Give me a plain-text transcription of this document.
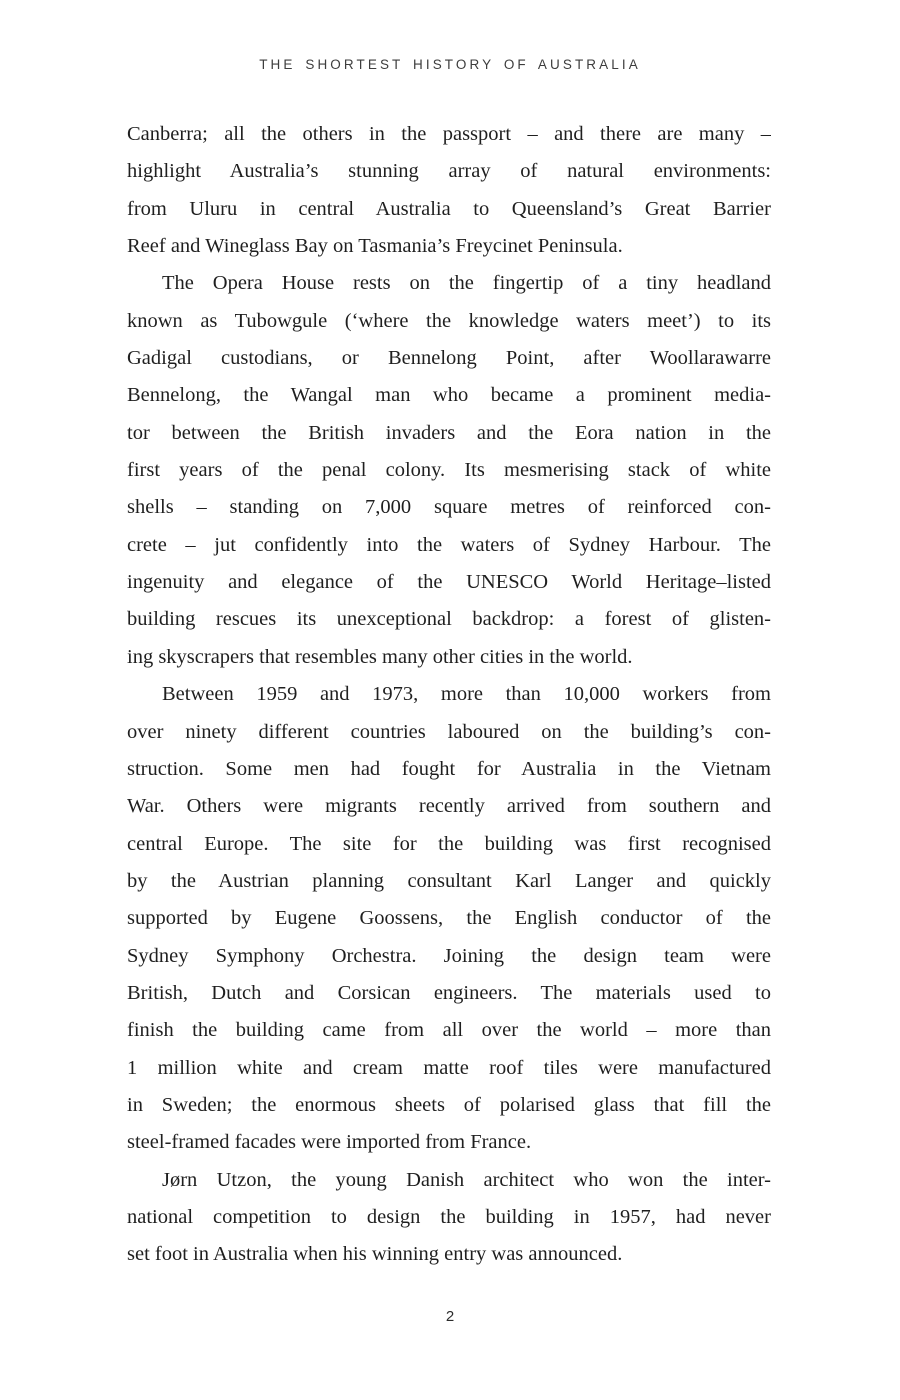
THE SHORTEST HISTORY OF AUSTRALIA
Canberra; all the others in the passport – and there are many –
highlight Australia’s stunning array of natural environments:
from Uluru in central Australia to Queensland’s Great Barrier
Reef and Wineglass Bay on Tasmania’s Freycinet Peninsula.
The Opera House rests on the fingertip of a tiny headland
known as Tubowgule (‘where the knowledge waters meet’) to its
Gadigal custodians, or Bennelong Point, after Woollarawarre
Bennelong, the Wangal man who became a prominent media-
tor between the British invaders and the Eora nation in the
first years of the penal colony. Its mesmerising stack of white
shells – standing on 7,000 square metres of reinforced con-
crete – jut confidently into the waters of Sydney Harbour. The
ingenuity and elegance of the UNESCO World Heritage–listed
building rescues its unexceptional backdrop: a forest of glisten-
ing skyscrapers that resembles many other cities in the world.
Between 1959 and 1973, more than 10,000 workers from
over ninety different countries laboured on the building’s con-
struction. Some men had fought for Australia in the Vietnam
War. Others were migrants recently arrived from southern and
central Europe. The site for the building was first recognised
by the Austrian planning consultant Karl Langer and quickly
supported by Eugene Goossens, the English conductor of the
Sydney Symphony Orchestra. Joining the design team were
British, Dutch and Corsican engineers. The materials used to
finish the building came from all over the world – more than
1 million white and cream matte roof tiles were manufactured
in Sweden; the enormous sheets of polarised glass that fill the
steel-framed facades were imported from France.
Jørn Utzon, the young Danish architect who won the inter-
national competition to design the building in 1957, had never
set foot in Australia when his winning entry was announced.
2
